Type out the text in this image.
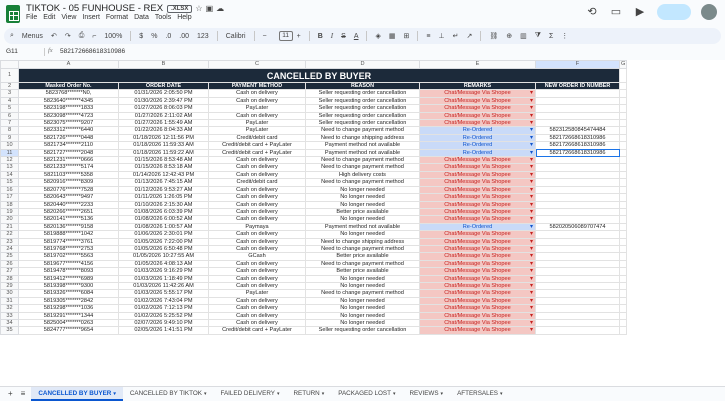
TIKTOK - 05 FUNHOUSE - REX .XLSX ☆▣☁
File Edit View Insert Format Data Tools Help	⟲ ▭ ▶
⌕ Menus ↶ ↷ ⎙ ⌐ 100% $ % .0 .00 123 Calibri −	11	+ B I S A ◈ ▦ ⊞ ≡ ⊥ ↵ ↗ ⛓ ⊕ ▥ ⧩ Σ ⋮
G11	fx 582172668618310986
	A	B	C	D	E	F	G
1	CANCELLED BY BUYER						
2	Masked Order No.	ORDER DATE	PAYMENT METHOD	REASON	REMARKS	NEW ORDER ID NUMBER	
3	5823768*******N0,	01/31/2026 2:05:50 PM	Cash on delivery	Seller requesting order cancellation	Chat/Message Via Shopee ▾		
4	5823640*******4345	01/30/2026 2:39:47 PM	Cash on delivery	Seller requesting order cancellation	Chat/Message Via Shopee ▾		
5	5823198*******1833	01/27/2026 8:06:03 PM	PayLater	Seller requesting order cancellation	Chat/Message Via Shopee ▾		
6	5823098*******4723	01/27/2026 2:11:02 AM	Cash on delivery	Seller requesting order cancellation	Chat/Message Via Shopee ▾		
7	5823075*******9207	01/27/2026 1:55:49 AM	PayLater	Seller requesting order cancellation	Chat/Message Via Shopee ▾		
8	5823312*******6440	01/22/2026 8:04:33 AM	PayLater	Need to change payment method	Re-Ordered ▾	582312580845474484	
9	5821726*******0448	01/18/2026 12:11:56 PM	Credit/debit card	Need to change shipping address	Re-Ordered ▾	582172668618310986	
10	5821734*******2110	01/18/2026 11:59:33 AM	Credit/debit card + PayLater	Payment method not available	Re-Ordered ▾	582172668618310986	
11	5821727*******2048	01/18/2026 11:59:22 AM	Credit/debit card + PayLater	Payment method not available	Re-Ordered ▾	582172668618310986	
12	5821231*******0666	01/15/2026 8:53:48 AM	Cash on delivery	Need to change payment method	Chat/Message Via Shopee ▾		
13	5821233*******5174	01/15/2026 8:53:18 AM	Cash on delivery	Need to change payment method	Chat/Message Via Shopee ▾		
14	5821103*******5358	01/14/2026 12:42:43 PM	Cash on delivery	High delivery costs	Chat/Message Via Shopee ▾		
15	5820916*******8309	01/13/2026 7:45:15 AM	Credit/debit card	Need to change payment method	Chat/Message Via Shopee ▾		
16	5820776*******7528	01/12/2026 9:53:27 AM	Cash on delivery	No longer needed	Chat/Message Via Shopee ▾		
17	5820643*******9497	01/11/2026 1:26:05 PM	Cash on delivery	No longer needed	Chat/Message Via Shopee ▾		
18	5820440*******2233	01/10/2026 2:15:30 AM	Cash on delivery	No longer needed	Chat/Message Via Shopee ▾		
19	5820266*******2651	01/08/2026 6:03:39 PM	Cash on delivery	Better price available	Chat/Message Via Shopee ▾		
20	5820141*******5136	01/08/2026 6:00:52 AM	Cash on delivery	No longer needed	Chat/Message Via Shopee ▾		
21	5820136*******9158	01/08/2026 1:00:57 AM	Paymaya	Payment method not available	Re-Ordered ▾	582020506089707474	
22	5819888*******1042	01/06/2026 2:30:01 PM	Cash on delivery	No longer needed	Chat/Message Via Shopee ▾		
23	5819774*******3761	01/05/2026 7:22:00 PM	Cash on delivery	Need to change shipping address	Chat/Message Via Shopee ▾		
24	5819768*******2753	01/05/2026 6:50:48 PM	Cash on delivery	Need to change payment method	Chat/Message Via Shopee ▾		
25	5819702*******5563	01/05/2026 10:27:55 AM	GCash	Better price available	Chat/Message Via Shopee ▾		
26	5819677*******4156	01/05/2026 4:08:13 AM	Cash on delivery	Need to change payment method	Chat/Message Via Shopee ▾		
27	5819478*******8093	01/03/2026 9:16:29 PM	Cash on delivery	Better price available	Chat/Message Via Shopee ▾		
28	5819412*******6989	01/03/2026 1:18:49 PM	Cash on delivery	No longer needed	Chat/Message Via Shopee ▾		
29	5819398*******9300	01/03/2026 11:42:26 AM	Cash on delivery	No longer needed	Chat/Message Via Shopee ▾		
30	5819326*******6084	01/03/2026 5:55:17 PM	PayLater	Need to change payment method	Chat/Message Via Shopee ▾		
31	5819305*******2842	01/02/2026 7:43:04 PM	Cash on delivery	No longer needed	Chat/Message Via Shopee ▾		
32	5819298*******1036	01/02/2026 7:12:13 PM	Cash on delivery	No longer needed	Chat/Message Via Shopee ▾		
33	5819291*******1344	01/02/2026 5:25:52 PM	Cash on delivery	No longer needed	Chat/Message Via Shopee ▾		
34	5825004*******0263	02/07/2026 9:49:10 PM	Cash on delivery	No longer needed	Chat/Message Via Shopee ▾		
35	5824777*******9654	02/05/2026 1:41:51 PM	Credit/debit card + PayLater	Seller requesting order cancellation	Chat/Message Via Shopee ▾		
+ ≡	CANCELLED BY BUYER ▾	CANCELLED BY TIKTOK ▾	FAILED DELIVERY ▾	RETURN ▾	PACKAGED LOST ▾	REVIEWS ▾	AFTERSALES ▾
